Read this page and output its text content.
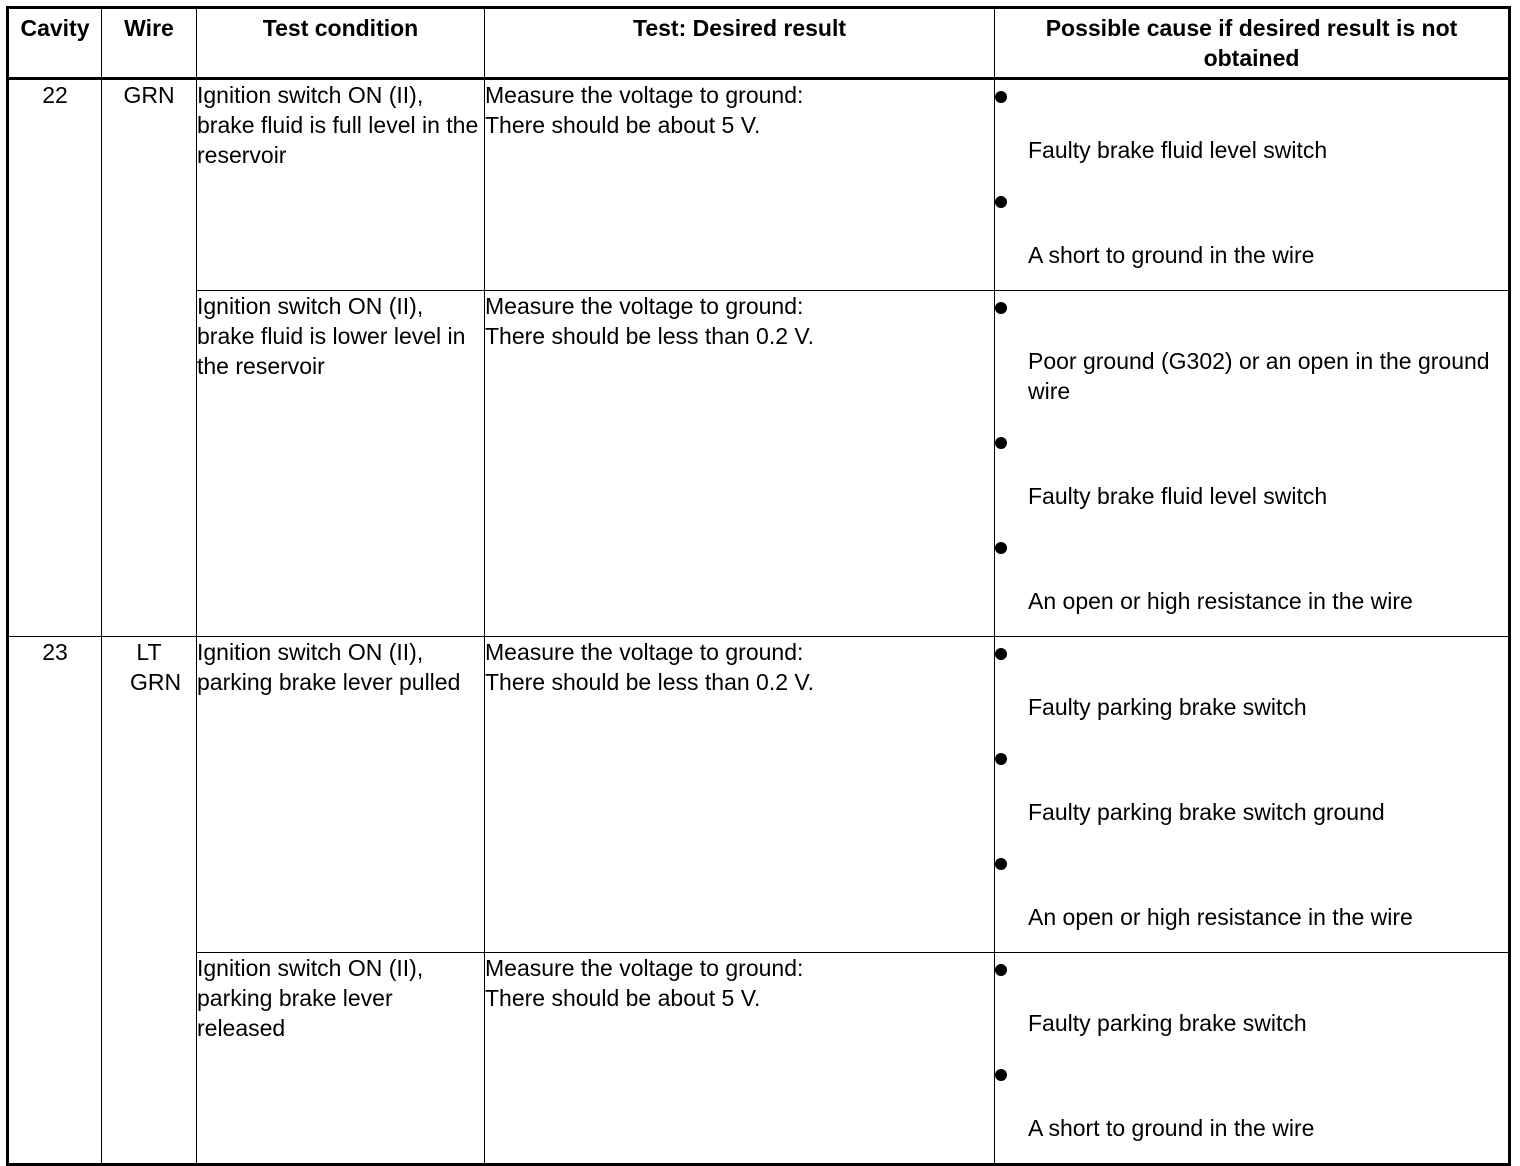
Cavity	Wire	Test condition	Test: Desired result	Possible cause if desired result is not obtained
22	GRN	Ignition switch ON (II), brake fluid is full level in the reservoir	Measure the voltage to ground:
There should be about 5 V.	Faulty brake fluid level switch
A short to ground in the wire

		Ignition switch ON (II), brake fluid is lower level in the reservoir	Measure the voltage to ground:
There should be less than 0.2 V.	Poor ground (G302) or an open in the ground wire
Faulty brake fluid level switch
An open or high resistance in the wire

23	LT GRN	Ignition switch ON (II), parking brake lever pulled	Measure the voltage to ground:
There should be less than 0.2 V.	Faulty parking brake switch
Faulty parking brake switch ground
An open or high resistance in the wire

		Ignition switch ON (II), parking brake lever released	Measure the voltage to ground:
There should be about 5 V.	Faulty parking brake switch
A short to ground in the wire
